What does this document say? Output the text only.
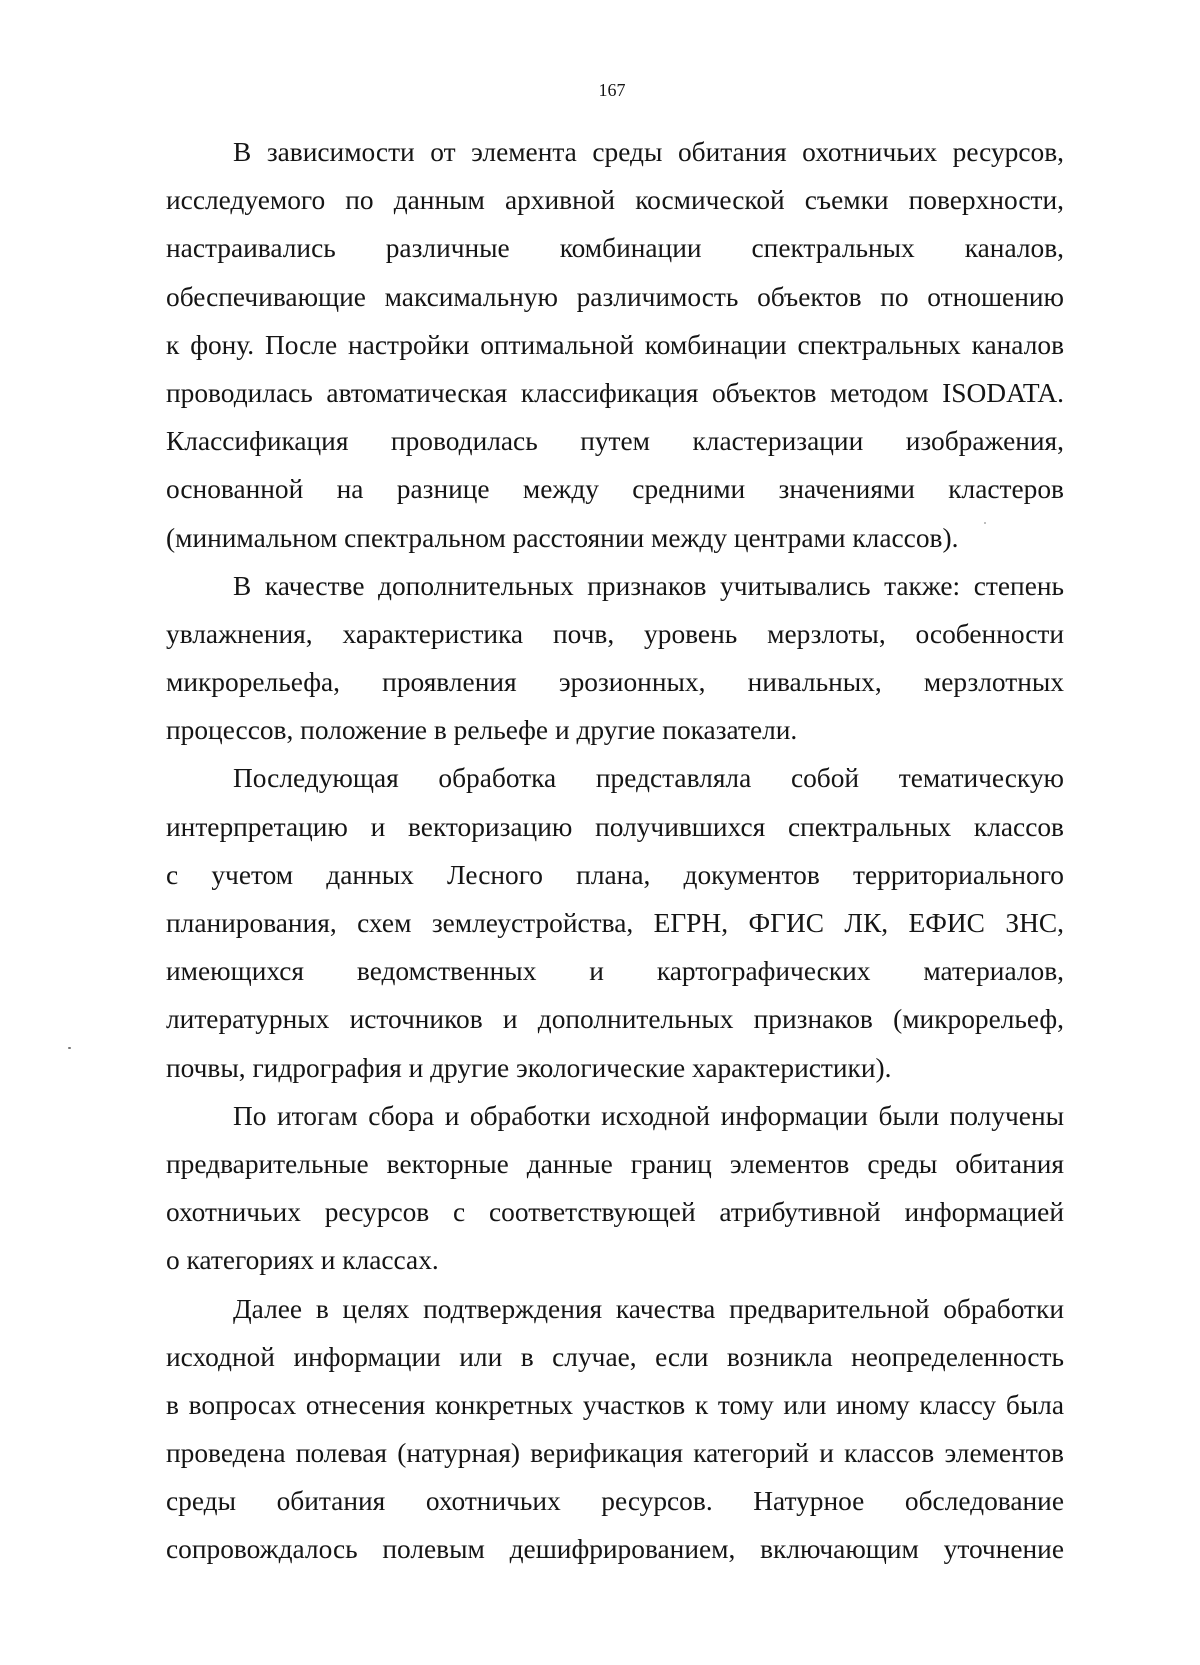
167
В зависимости от элемента среды обитания охотничьих ресурсов,
исследуемого по данным архивной космической съемки поверхности,
настраивались различные комбинации спектральных каналов,
обеспечивающие максимальную различимость объектов по отношению
к фону. После настройки оптимальной комбинации спектральных каналов
проводилась автоматическая классификация объектов методом ISODATA.
Классификация проводилась путем кластеризации изображения,
основанной на разнице между средними значениями кластеров
(минимальном спектральном расстоянии между центрами классов).
В качестве дополнительных признаков учитывались также: степень
увлажнения, характеристика почв, уровень мерзлоты, особенности
микрорельефа, проявления эрозионных, нивальных, мерзлотных
процессов, положение в рельефе и другие показатели.
Последующая обработка представляла собой тематическую
интерпретацию и векторизацию получившихся спектральных классов
с учетом данных Лесного плана, документов территориального
планирования, схем землеустройства, ЕГРН, ФГИС ЛК, ЕФИС ЗНС,
имеющихся ведомственных и картографических материалов,
литературных источников и дополнительных признаков (микрорельеф,
почвы, гидрография и другие экологические характеристики).
По итогам сбора и обработки исходной информации были получены
предварительные векторные данные границ элементов среды обитания
охотничьих ресурсов с соответствующей атрибутивной информацией
о категориях и классах.
Далее в целях подтверждения качества предварительной обработки
исходной информации или в случае, если возникла неопределенность
в вопросах отнесения конкретных участков к тому или иному классу была
проведена полевая (натурная) верификация категорий и классов элементов
среды обитания охотничьих ресурсов. Натурное обследование
сопровождалось полевым дешифрированием, включающим уточнение
